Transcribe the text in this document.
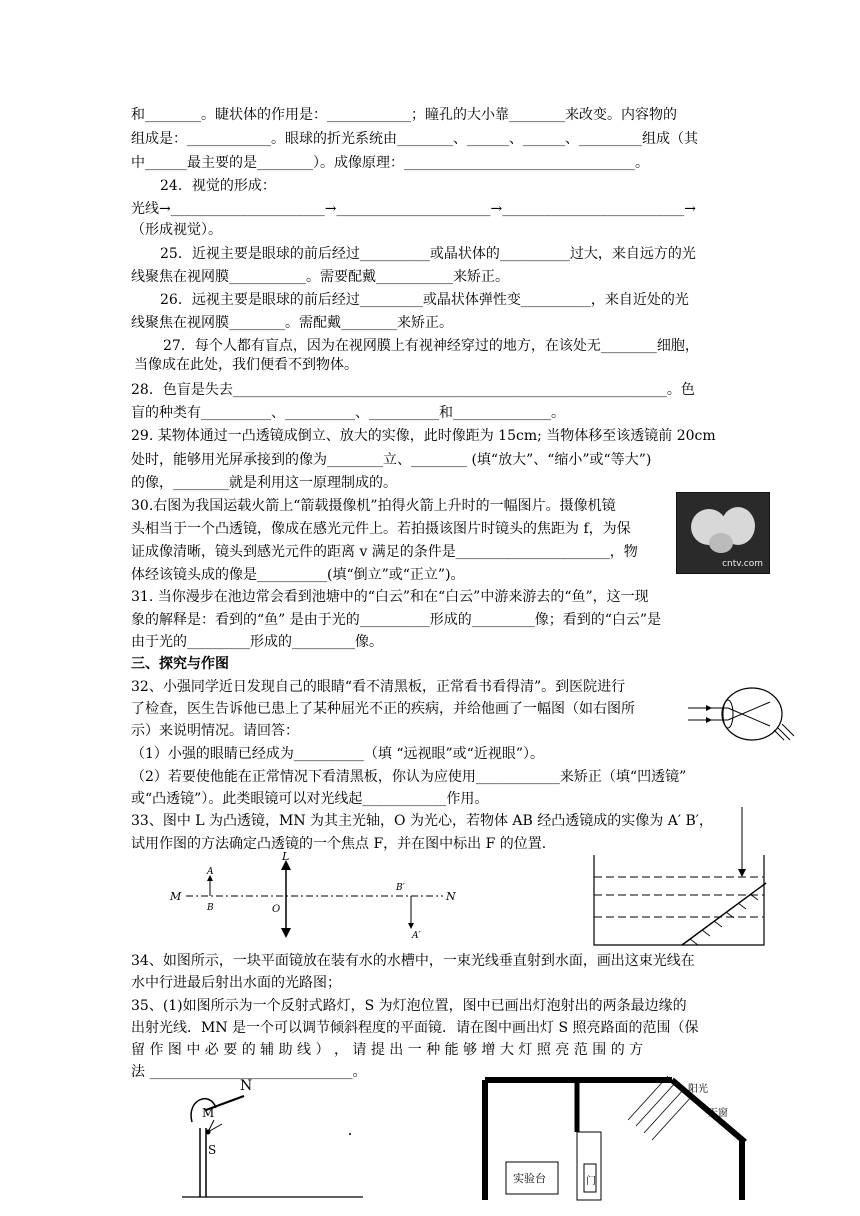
和________。睫状体的作用是：____________；瞳孔的大小靠________来改变。内容物的
组成是：____________。眼球的折光系统由________、______、______、_________组成（其
中______最主要的是________）。成像原理：_________________________________。
24．视觉的形成：
光线→______________________→______________________→__________________________→
（形成视觉）。
25．近视主要是眼球的前后经过__________或晶状体的__________过大，来自远方的光
线聚焦在视网膜___________。需要配戴___________来矫正。
26．远视主要是眼球的前后经过_________或晶状体弹性变__________，来自近处的光
线聚焦在视网膜________。需配戴________来矫正。
27．每个人都有盲点，因为在视网膜上有视神经穿过的地方，在该处无________细胞，
当像成在此处，我们便看不到物体。
28．色盲是失去______________________________________________________________。色
盲的种类有__________、__________、__________和______________。
29. 某物体通过一凸透镜成倒立、放大的实像，此时像距为 15cm; 当物体移至该透镜前 20cm
处时，能够用光屏承接到的像为________立、________ (填“放大”、“缩小”或“等大”)
的像，________就是利用这一原理制成的。
30.右图为我国运载火箭上“箭载摄像机”拍得火箭上升时的一幅图片。摄像机镜
头相当于一个凸透镜，像成在感光元件上。若拍摄该图片时镜头的焦距为 f，为保
证成像清晰，镜头到感光元件的距离 v 满足的条件是______________________，物
体经该镜头成的像是__________(填“倒立”或“正立”)。
31. 当你漫步在池边常会看到池塘中的“白云”和在“白云”中游来游去的“鱼”，这一现
象的解释是：看到的“鱼” 是由于光的__________形成的_________像；看到的“白云”是
由于光的_________形成的_________像。
三、探究与作图
32、小强同学近日发现自己的眼睛“看不清黑板，正常看书看得清”。到医院进行
了检查，医生告诉他已患上了某种屈光不正的疾病，并给他画了一幅图（如右图所
示）来说明情况。请回答：
（1）小强的眼睛已经成为__________（填 “远视眼”或“近视眼”）。
（2）若要使他能在正常情况下看清黑板，你认为应使用____________来矫正（填“凹透镜”
或“凸透镜”）。此类眼镜可以对光线起____________作用。
33、图中 L 为凸透镜，MN 为其主光轴，O 为光心，若物体 AB 经凸透镜成的实像为 A′ B′，
试用作图的方法确定凸透镜的一个焦点 F，并在图中标出 F 的位置.
34、如图所示，一块平面镜放在装有水的水槽中，一束光线垂直射到水面，画出这束光线在
水中行进最后射出水面的光路图；
35、(1)如图所示为一个反射式路灯，S 为灯泡位置，图中已画出灯泡射出的两条最边缘的
出射光线．MN 是一个可以调节倾斜程度的平面镜．请在图中画出灯 S 照亮路面的范围（保
留 作 图 中 必 要 的 辅 助 线 ） ， 请 提 出 一 种 能 够 增 大 灯 照 亮 范 围 的 方
法 _____________________________。
cntv.com
M	N
L
O
A
B
B′
A′
N
M
S
实验台	门
阳光
天窗
